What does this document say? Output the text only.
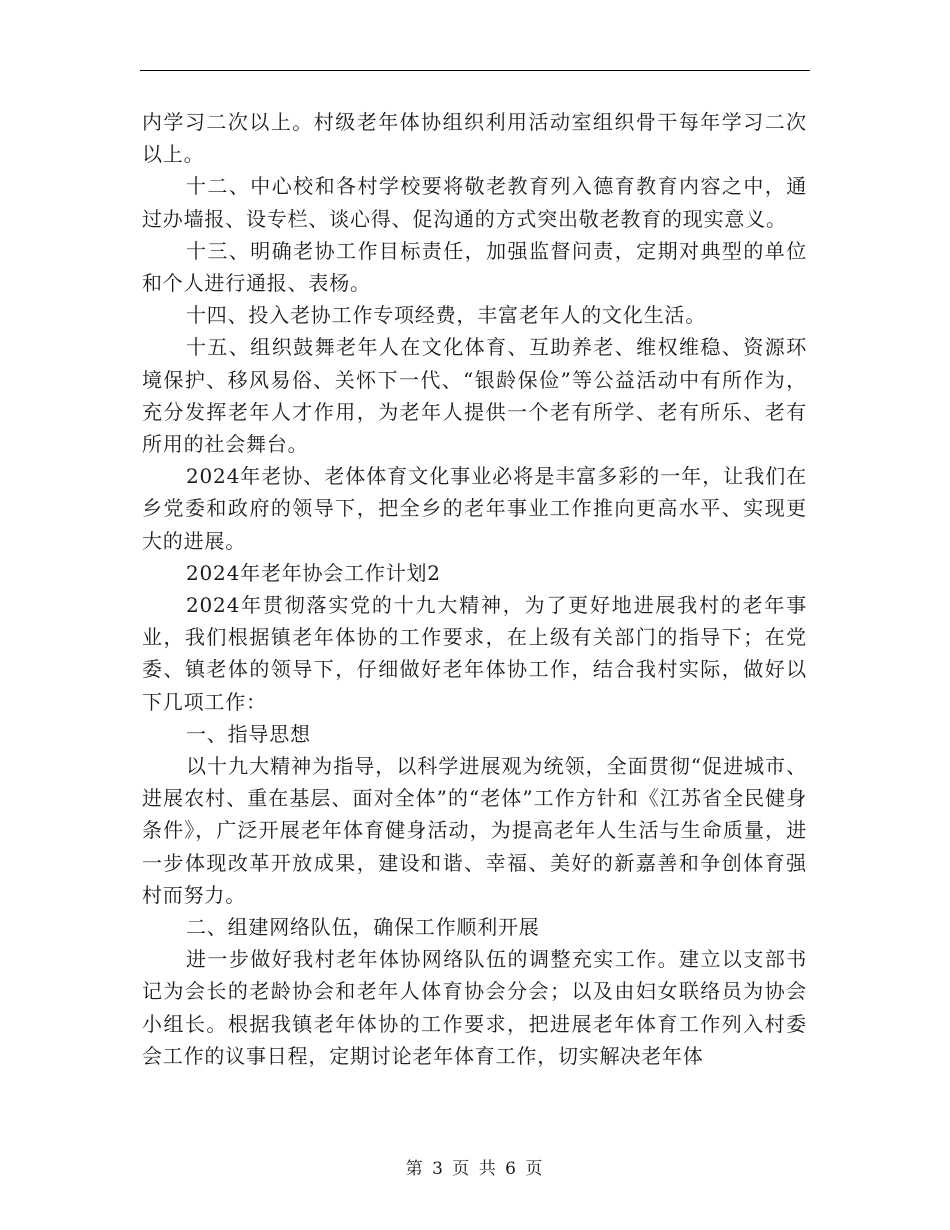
内学习二次以上。村级老年体协组织利用活动室组织骨干每年学习二次以上。

十二、中心校和各村学校要将敬老教育列入德育教育内容之中，通过办墙报、设专栏、谈心得、促沟通的方式突出敬老教育的现实意义。

十三、明确老协工作目标责任，加强监督问责，定期对典型的单位和个人进行通报、表杨。

十四、投入老协工作专项经费，丰富老年人的文化生活。

十五、组织鼓舞老年人在文化体育、互助养老、维权维稳、资源环境保护、移风易俗、关怀下一代、“银龄保俭”等公益活动中有所作为，充分发挥老年人才作用，为老年人提供一个老有所学、老有所乐、老有所用的社会舞台。

2024年老协、老体体育文化事业必将是丰富多彩的一年，让我们在乡党委和政府的领导下，把全乡的老年事业工作推向更高水平、实现更大的进展。

2024年老年协会工作计划2

2024年贯彻落实党的十九大精神，为了更好地进展我村的老年事业，我们根据镇老年体协的工作要求，在上级有关部门的指导下；在党委、镇老体的领导下，仔细做好老年体协工作，结合我村实际，做好以下几项工作：

一、指导思想

以十九大精神为指导，以科学进展观为统领，全面贯彻“促进城市、进展农村、重在基层、面对全体”的“老体”工作方针和《江苏省全民健身条件》，广泛开展老年体育健身活动，为提高老年人生活与生命质量，进一步体现改革开放成果，建设和谐、幸福、美好的新嘉善和争创体育强村而努力。

二、组建网络队伍，确保工作顺利开展

进一步做好我村老年体协网络队伍的调整充实工作。建立以支部书记为会长的老龄协会和老年人体育协会分会；以及由妇女联络员为协会小组长。根据我镇老年体协的工作要求，把进展老年体育工作列入村委会工作的议事日程，定期讨论老年体育工作，切实解决老年体

第 3 页 共 6 页
